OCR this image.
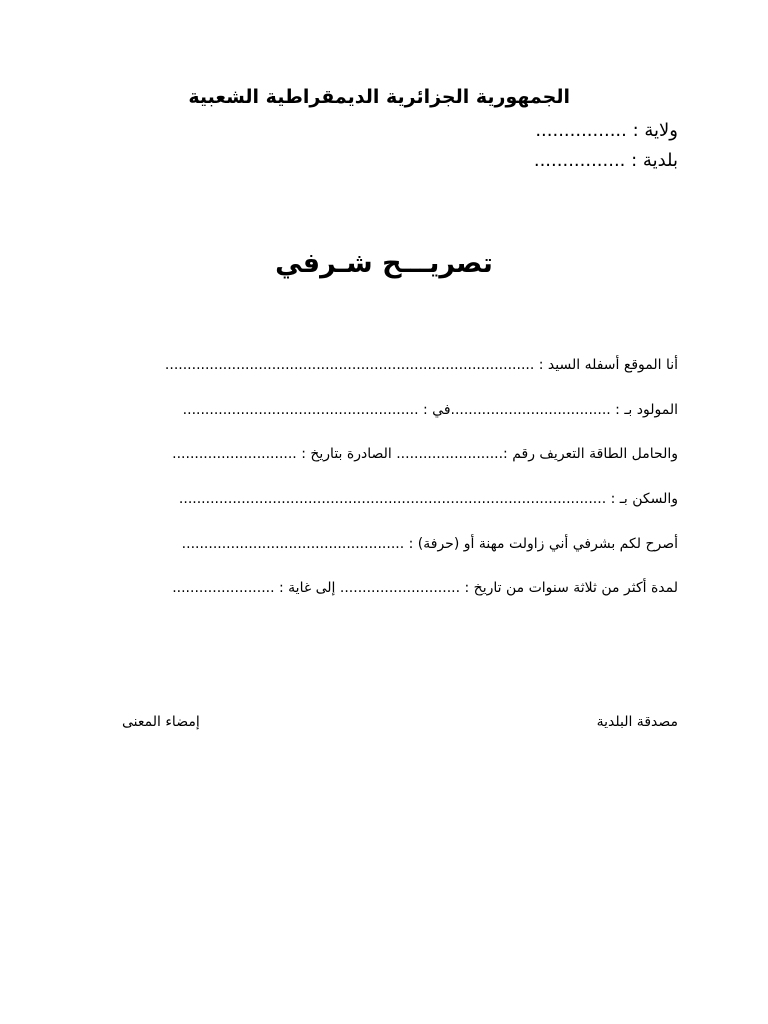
الجمهورية الجزائرية الديمقراطية الشعبية
ولاية : ................
بلدية : ................
تصريـــح شـرفي
أنا الموقع أسفله السيد : ...................................................................................
المولود بـ : ....................................في : .....................................................
والحامل الطاقة التعريف رقم :........................ الصادرة بتاريخ : ............................
والسكن بـ : ................................................................................................
أصرح لكم بشرفي أني زاولت مهنة أو (حرفة) : ..................................................
لمدة أكثر من ثلاثة سنوات من تاريخ : ........................... إلى غاية : .......................
مصدقة البلدية
إمضاء المعنى
